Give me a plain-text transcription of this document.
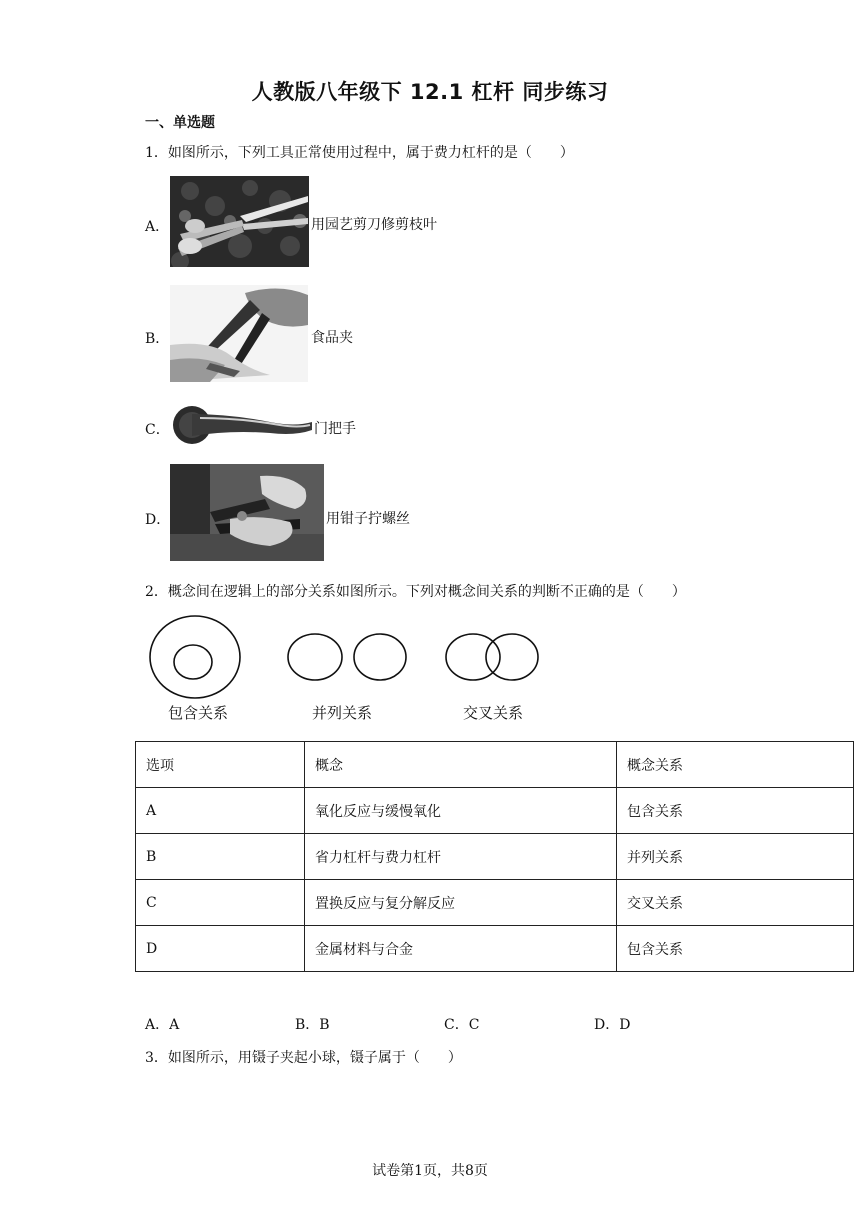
人教版八年级下 12.1 杠杆 同步练习
一、单选题
1．如图所示，下列工具正常使用过程中，属于费力杠杆的是（　　）
A．	用园艺剪刀修剪枝叶
B．	食品夹
C．	门把手
D．	用钳子拧螺丝
2．概念间在逻辑上的部分关系如图所示。下列对概念间关系的判断不正确的是（　　）
包含关系	并列关系	交叉关系
选项	概念	概念关系
A	氧化反应与缓慢氧化	包含关系
B	省力杠杆与费力杠杆	并列关系
C	置换反应与复分解反应	交叉关系
D	金属材料与合金	包含关系
A．A	B．B	C．C	D．D
3．如图所示，用镊子夹起小球，镊子属于（　　）
试卷第1页，共8页
